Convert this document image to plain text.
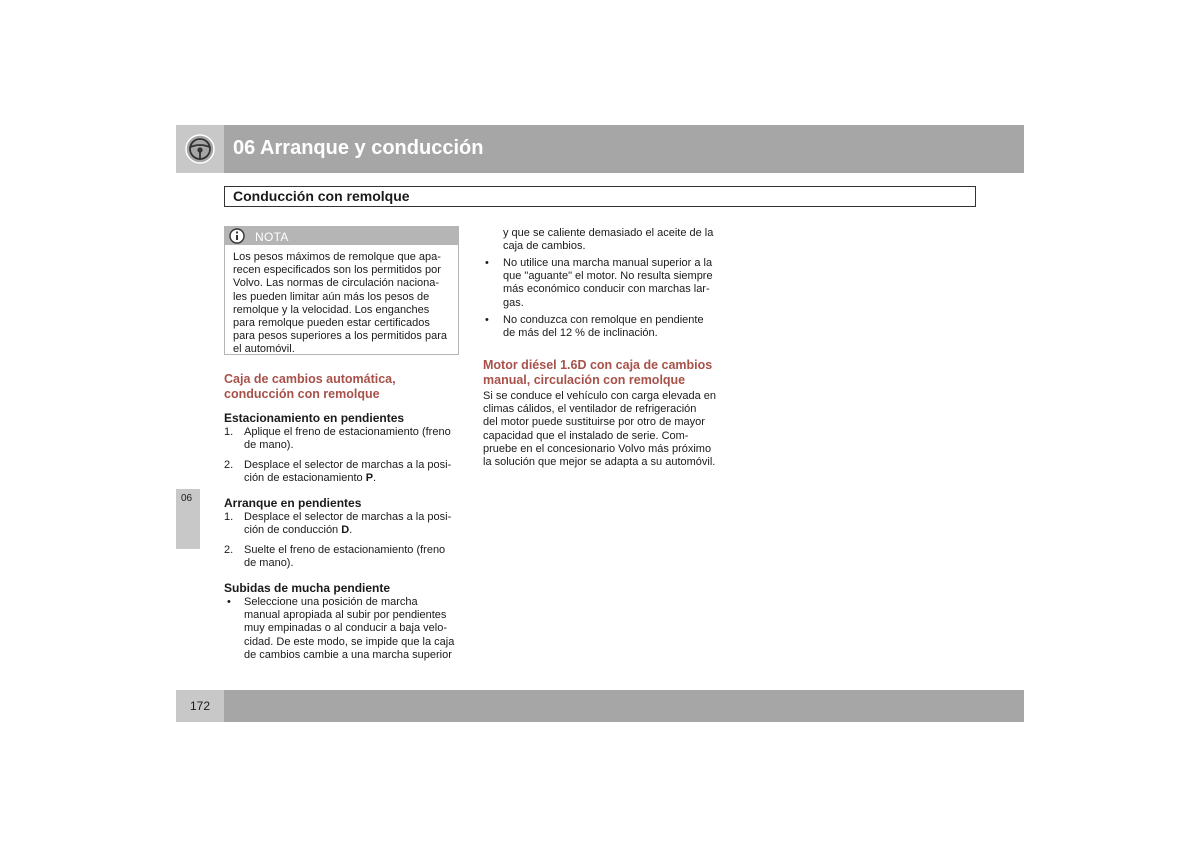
06 Arranque y conducción
Conducción con remolque
NOTA
Los pesos máximos de remolque que apa-
recen especificados son los permitidos por
Volvo. Las normas de circulación naciona-
les pueden limitar aún más los pesos de
remolque y la velocidad. Los enganches
para remolque pueden estar certificados
para pesos superiores a los permitidos para
el automóvil.
Caja de cambios automática,
conducción con remolque
Estacionamiento en pendientes
1. Aplique el freno de estacionamiento (freno
de mano).
2. Desplace el selector de marchas a la posi-
ción de estacionamiento P.
Arranque en pendientes
1. Desplace el selector de marchas a la posi-
ción de conducción D.
2. Suelte el freno de estacionamiento (freno
de mano).
Subidas de mucha pendiente
• Seleccione una posición de marcha
manual apropiada al subir por pendientes
muy empinadas o al conducir a baja velo-
cidad. De este modo, se impide que la caja
de cambios cambie a una marcha superior
y que se caliente demasiado el aceite de la
caja de cambios.
• No utilice una marcha manual superior a la
que "aguante" el motor. No resulta siempre
más económico conducir con marchas lar-
gas.
• No conduzca con remolque en pendiente
de más del 12 % de inclinación.
Motor diésel 1.6D con caja de cambios
manual, circulación con remolque
Si se conduce el vehículo con carga elevada en
climas cálidos, el ventilador de refrigeración
del motor puede sustituirse por otro de mayor
capacidad que el instalado de serie. Com-
pruebe en el concesionario Volvo más próximo
la solución que mejor se adapta a su automóvil.
06
172
